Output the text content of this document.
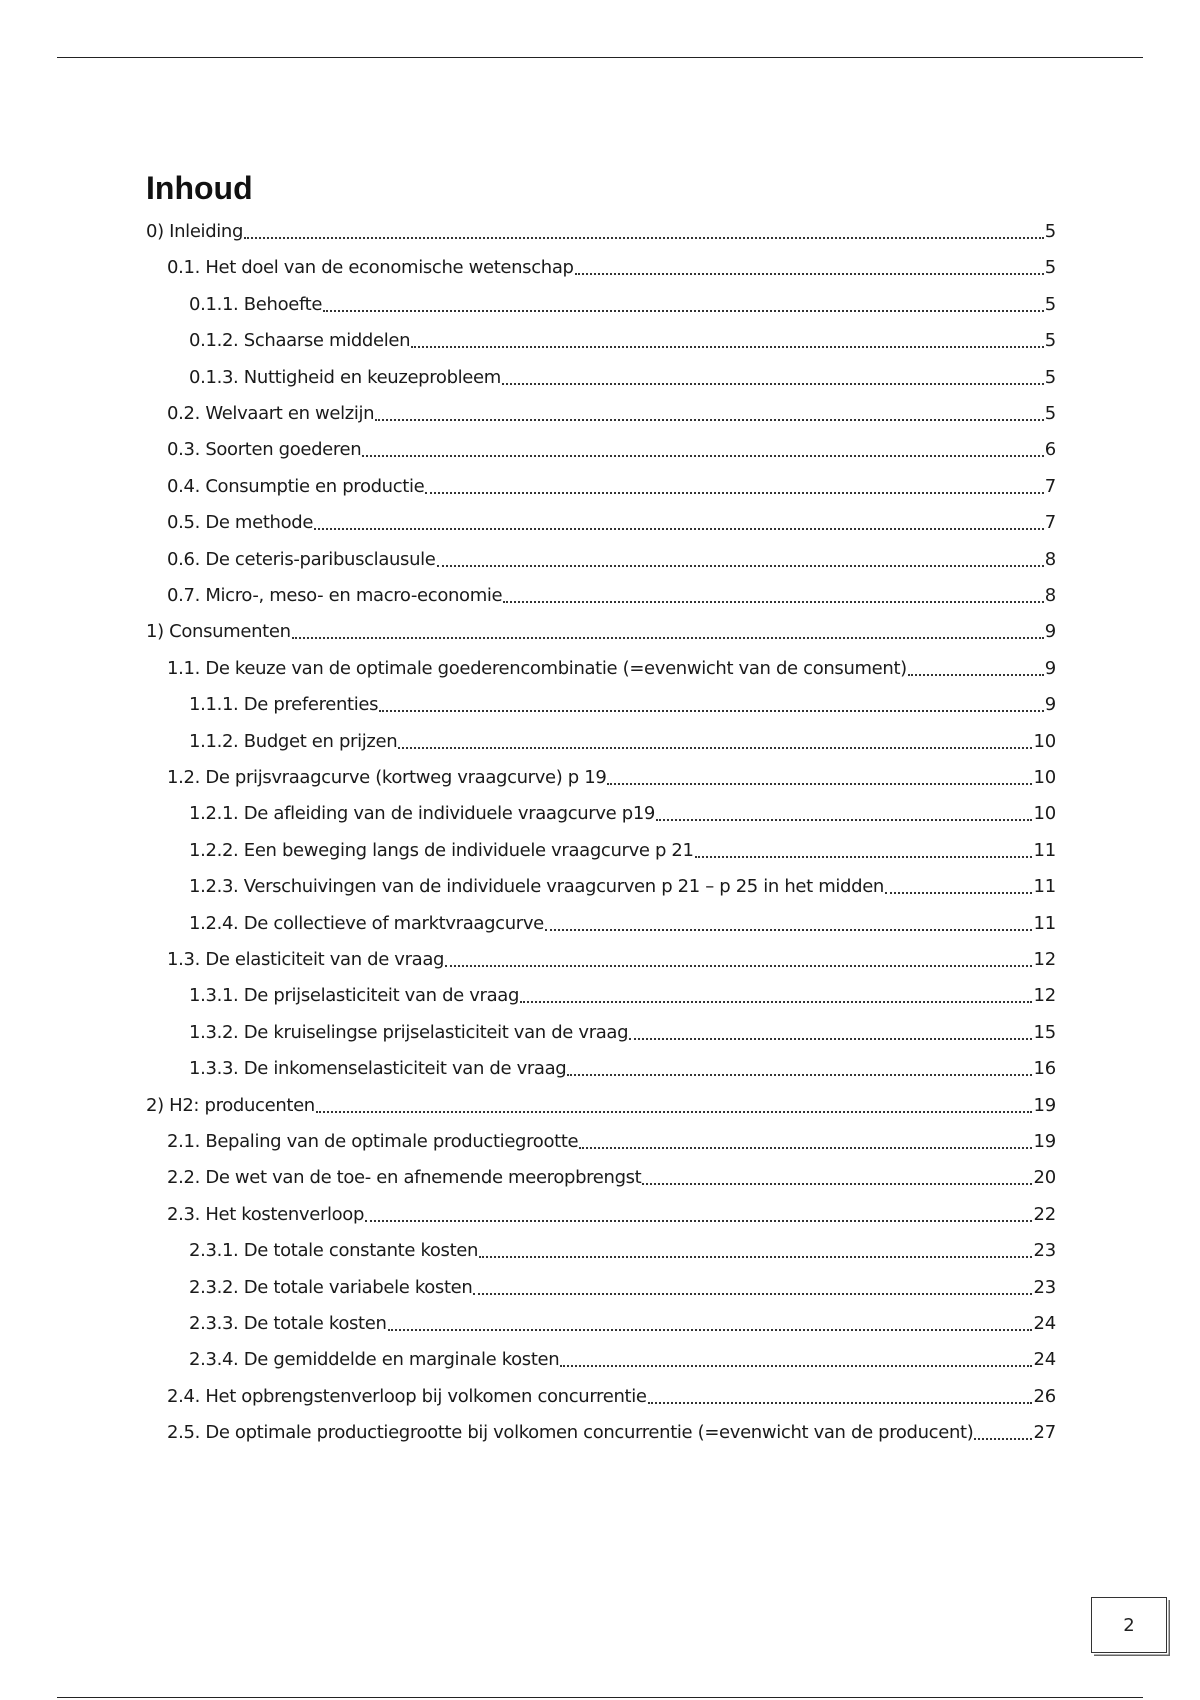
Inhoud
0) Inleiding	5
0.1. Het doel van de economische wetenschap	5
0.1.1. Behoefte	5
0.1.2. Schaarse middelen	5
0.1.3. Nuttigheid en keuzeprobleem	5
0.2. Welvaart en welzijn	5
0.3. Soorten goederen	6
0.4. Consumptie en productie	7
0.5. De methode	7
0.6. De ceteris-paribusclausule	8
0.7. Micro-, meso- en macro-economie	8
1) Consumenten	9
1.1. De keuze van de optimale goederencombinatie (=evenwicht van de consument)	9
1.1.1. De preferenties	9
1.1.2. Budget en prijzen	10
1.2. De prijsvraagcurve (kortweg vraagcurve) p 19	10
1.2.1. De afleiding van de individuele vraagcurve p19	10
1.2.2. Een beweging langs de individuele vraagcurve p 21	11
1.2.3. Verschuivingen van de individuele vraagcurven p 21 – p 25 in het midden	11
1.2.4. De collectieve of marktvraagcurve	11
1.3. De elasticiteit van de vraag	12
1.3.1. De prijselasticiteit van de vraag	12
1.3.2. De kruiselingse prijselasticiteit van de vraag	15
1.3.3. De inkomenselasticiteit van de vraag	16
2) H2: producenten	19
2.1. Bepaling van de optimale productiegrootte	19
2.2. De wet van de toe- en afnemende meeropbrengst	20
2.3. Het kostenverloop	22
2.3.1. De totale constante kosten	23
2.3.2. De totale variabele kosten	23
2.3.3. De totale kosten	24
2.3.4. De gemiddelde en marginale kosten	24
2.4. Het opbrengstenverloop bij volkomen concurrentie	26
2.5. De optimale productiegrootte bij volkomen concurrentie (=evenwicht van de producent)	27
2
